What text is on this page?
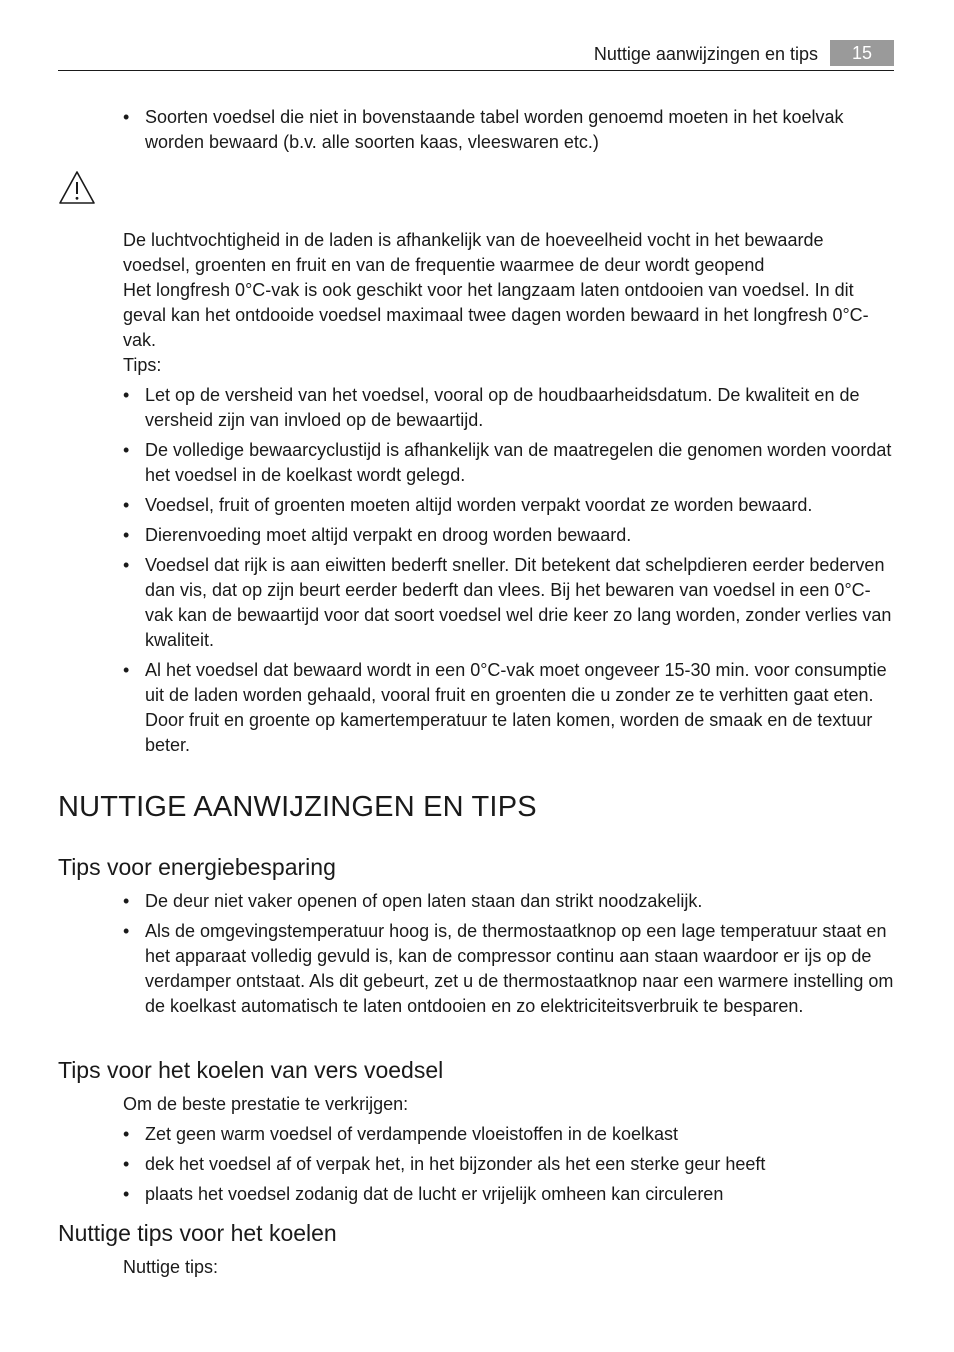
Nuttige aanwijzingen en tips	15
• Soorten voedsel die niet in bovenstaande tabel worden genoemd moeten in het koelvak worden bewaard (b.v. alle soorten kaas, vleeswaren etc.)

De luchtvochtigheid in de laden is afhankelijk van de hoeveelheid vocht in het bewaarde voedsel, groenten en fruit en van de frequentie waarmee de deur wordt geopend

Het longfresh 0°C-vak is ook geschikt voor het langzaam laten ontdooien van voedsel. In dit geval kan het ontdooide voedsel maximaal twee dagen worden bewaard in het longfresh 0°C-vak.

Tips:

• Let op de versheid van het voedsel, vooral op de houdbaarheidsdatum. De kwaliteit en de versheid zijn van invloed op de bewaartijd.
• De volledige bewaarcyclustijd is afhankelijk van de maatregelen die genomen worden voordat het voedsel in de koelkast wordt gelegd.
• Voedsel, fruit of groenten moeten altijd worden verpakt voordat ze worden bewaard.
• Dierenvoeding moet altijd verpakt en droog worden bewaard.
• Voedsel dat rijk is aan eiwitten bederft sneller. Dit betekent dat schelpdieren eerder bederven dan vis, dat op zijn beurt eerder bederft dan vlees. Bij het bewaren van voedsel in een 0°C-vak kan de bewaartijd voor dat soort voedsel wel drie keer zo lang worden, zonder verlies van kwaliteit.
• Al het voedsel dat bewaard wordt in een 0°C-vak moet ongeveer 15-30 min. voor consumptie uit de laden worden gehaald, vooral fruit en groenten die u zonder ze te verhitten gaat eten. Door fruit en groente op kamertemperatuur te laten komen, worden de smaak en de textuur beter.
NUTTIGE AANWIJZINGEN EN TIPS
Tips voor energiebesparing
• De deur niet vaker openen of open laten staan dan strikt noodzakelijk.
• Als de omgevingstemperatuur hoog is, de thermostaatknop op een lage temperatuur staat en het apparaat volledig gevuld is, kan de compressor continu aan staan waardoor er ijs op de verdamper ontstaat. Als dit gebeurt, zet u de thermostaatknop naar een warmere instelling om de koelkast automatisch te laten ontdooien en zo elektriciteitsverbruik te besparen.
Tips voor het koelen van vers voedsel

Om de beste prestatie te verkrijgen:

• Zet geen warm voedsel of verdampende vloeistoffen in de koelkast
• dek het voedsel af of verpak het, in het bijzonder als het een sterke geur heeft
• plaats het voedsel zodanig dat de lucht er vrijelijk omheen kan circuleren
Nuttige tips voor het koelen

Nuttige tips:
